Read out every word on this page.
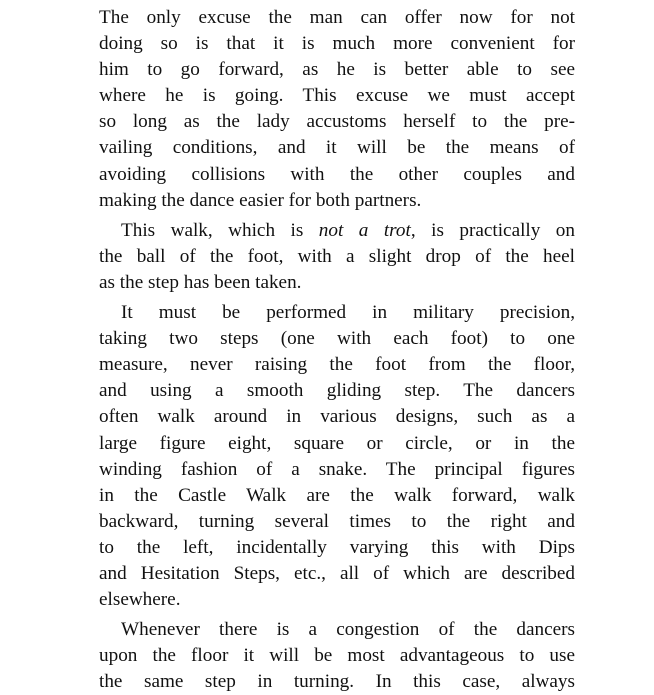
The only excuse the man can offer now for not
doing so is that it is much more convenient for
him to go forward, as he is better able to see
where he is going. This excuse we must accept
so long as the lady accustoms herself to the pre-
vailing conditions, and it will be the means of
avoiding collisions with the other couples and
making the dance easier for both partners.

This walk, which is not a trot, is practically on
the ball of the foot, with a slight drop of the heel
as the step has been taken.

It must be performed in military precision,
taking two steps (one with each foot) to one
measure, never raising the foot from the floor,
and using a smooth gliding step. The dancers
often walk around in various designs, such as a
large figure eight, square or circle, or in the
winding fashion of a snake. The principal figures
in the Castle Walk are the walk forward, walk
backward, turning several times to the right and
to the left, incidentally varying this with Dips
and Hesitation Steps, etc., all of which are described
elsewhere.

Whenever there is a congestion of the dancers
upon the floor it will be most advantageous to use
the same step in turning. In this case, always
